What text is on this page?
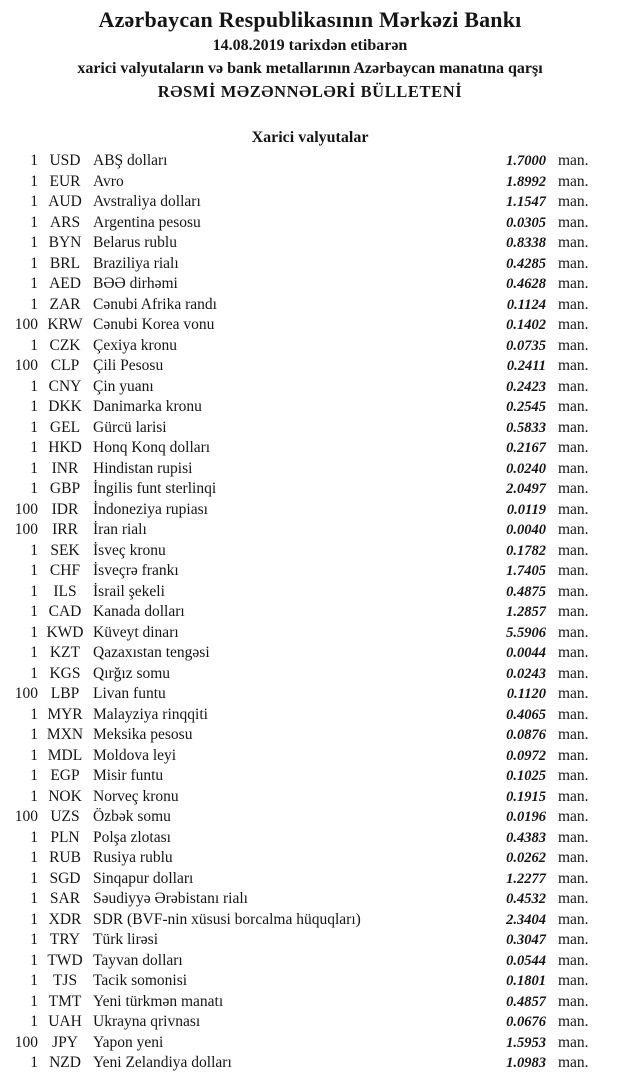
Azərbaycan Respublikasının Mərkəzi Bankı
14.08.2019 tarixdən etibarən
xarici valyutaların və bank metallarının Azərbaycan manatına qarşı
RƏSMİ MƏZƏNNƏLƏRİ BÜLLETENİ
Xarici valyutalar
1 USD ABŞ dolları	1.7000 man.
1 EUR Avro	1.8992 man.
1 AUD Avstraliya dolları	1.1547 man.
1 ARS Argentina pesosu	0.0305 man.
1 BYN Belarus rublu	0.8338 man.
1 BRL Braziliya rialı	0.4285 man.
1 AED BƏƏ dirhəmi	0.4628 man.
1 ZAR Cənubi Afrika randı	0.1124 man.
100 KRW Cənubi Korea vonu	0.1402 man.
1 CZK Çexiya kronu	0.0735 man.
100 CLP Çili Pesosu	0.2411 man.
1 CNY Çin yuanı	0.2423 man.
1 DKK Danimarka kronu	0.2545 man.
1 GEL Gürcü larisi	0.5833 man.
1 HKD Honq Konq dolları	0.2167 man.
1 INR Hindistan rupisi	0.0240 man.
1 GBP İngilis funt sterlinqi	2.0497 man.
100 IDR İndoneziya rupiası	0.0119 man.
100 IRR İran rialı	0.0040 man.
1 SEK İsveç kronu	0.1782 man.
1 CHF İsveçrə frankı	1.7405 man.
1 ILS	İsrail şekeli	0.4875 man.
1 CAD Kanada dolları	1.2857 man.
1 KWD Küveyt dinarı	5.5906 man.
1 KZT Qazaxıstan tengəsi	0.0044 man.
1 KGS Qırğız somu	0.0243 man.
100 LBP Livan funtu	0.1120 man.
1 MYR Malayziya rinqqiti	0.4065 man.
1 MXN Meksika pesosu	0.0876 man.
1 MDL Moldova leyi	0.0972 man.
1 EGP Misir funtu	0.1025 man.
1 NOK Norveç kronu	0.1915 man.
100 UZS Özbək somu	0.0196 man.
1 PLN Polşa zlotası	0.4383 man.
1 RUB Rusiya rublu	0.0262 man.
1 SGD Sinqapur dolları	1.2277 man.
1 SAR Səudiyyə Ərəbistanı rialı	0.4532 man.
1 XDR SDR (BVF-nin xüsusi borcalma hüquqları)	2.3404 man.
1 TRY Türk lirəsi	0.3047 man.
1 TWD Tayvan dolları	0.0544 man.
1 TJS	Tacik somonisi	0.1801 man.
1 TMT Yeni türkmən manatı	0.4857 man.
1 UAH Ukrayna qrivnası	0.0676 man.
100 JPY Yapon yeni	1.5953 man.
1 NZD Yeni Zelandiya dolları	1.0983 man.
